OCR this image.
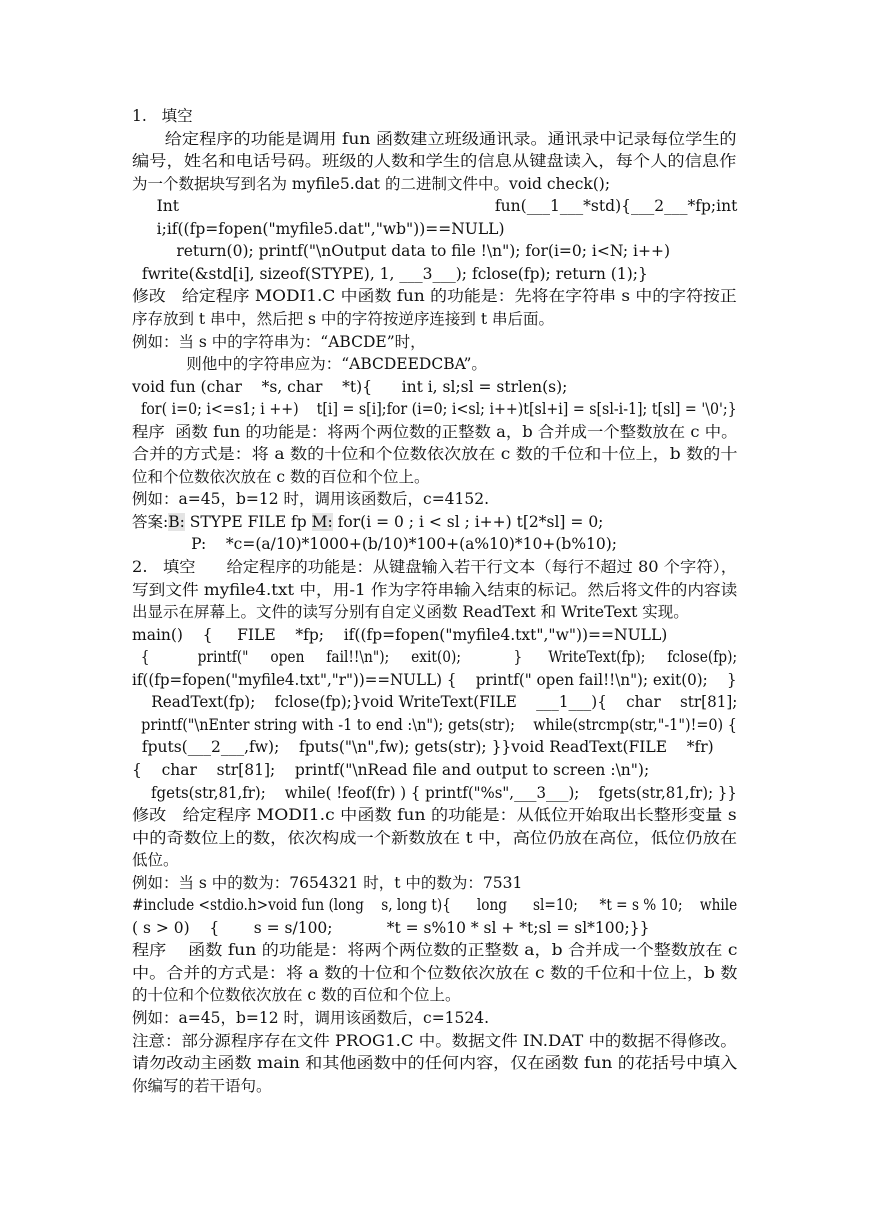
1.   填空

给定程序的功能是调用 fun 函数建立班级通讯录。通讯录中记录每位学生的

编号，姓名和电话号码。班级的人数和学生的信息从键盘读入，每个人的信息作

为一个数据块写到名为 myfile5.dat 的二进制文件中。void check();

Int                                                                fun(___1___*std){___2___*fp;int

i;if((fp=fopen("myfile5.dat","wb"))==NULL)

return(0); printf("\nOutput data to file !\n"); for(i=0; i<N; i++)

fwrite(&std[i], sizeof(STYPE), 1, ___3___); fclose(fp); return (1);}

修改   给定程序 MODI1.C 中函数 fun 的功能是：先将在字符串 s 中的字符按正

序存放到 t 串中，然后把 s 中的字符按逆序连接到 t 串后面。

例如：当 s 中的字符串为：“ABCDE”时，

则他中的字符串应为：“ABCDEEDCBA”。

void fun (char    *s, char    *t){      int i, sl;sl = strlen(s);

for( i=0; i<=s1; i ++)    t[i] = s[i];for (i=0; i<sl; i++)t[sl+i] = s[sl-i-1]; t[sl] = '\0';}

程序  函数 fun 的功能是：将两个两位数的正整数 a，b 合并成一个整数放在 c 中。

合并的方式是：将 a 数的十位和个位数依次放在 c 数的千位和十位上，b 数的十

位和个位数依次放在 c 数的百位和个位上。

例如：a=45，b=12 时，调用该函数后，c=4152.

答案:B: STYPE FILE fp M: for(i = 0 ; i < sl ; i++) t[2*sl] = 0;

P:    *c=(a/10)*1000+(b/10)*100+(a%10)*10+(b%10);

2.   填空      给定程序的功能是：从键盘输入若干行文本（每行不超过 80 个字符），

写到文件 myfile4.txt 中，用-1 作为字符串输入结束的标记。然后将文件的内容读

出显示在屏幕上。文件的读写分别有自定义函数 ReadText 和 WriteText 实现。

main()    {     FILE    *fp;    if((fp=fopen("myfile4.txt","w"))==NULL)

{           printf("     open     fail!!\n");     exit(0);            }      WriteText(fp);     fclose(fp);

if((fp=fopen("myfile4.txt","r"))==NULL) {    printf(" open fail!!\n"); exit(0);    }

ReadText(fp);    fclose(fp);}void WriteText(FILE    ___1___){    char    str[81];

printf("\nEnter string with -1 to end :\n"); gets(str);    while(strcmp(str,"-1")!=0) {

fputs(___2___,fw);    fputs("\n",fw); gets(str); }}void ReadText(FILE    *fr)

{    char    str[81];    printf("\nRead file and output to screen :\n");

fgets(str,81,fr);    while( !feof(fr) ) { printf("%s",___3___);    fgets(str,81,fr); }}

修改   给定程序 MODI1.c 中函数 fun 的功能是：从低位开始取出长整形变量 s

中的奇数位上的数，依次构成一个新数放在 t 中，高位仍放在高位，低位仍放在

低位。

例如：当 s 中的数为：7654321 时，t 中的数为：7531

#include <stdio.h>void fun (long    s, long t){      long      sl=10;     *t = s % 10;    while

( s > 0)    {       s = s/100;           *t = s%10 * sl + *t;sl = sl*100;}}

程序    函数 fun 的功能是：将两个两位数的正整数 a，b 合并成一个整数放在 c

中。合并的方式是：将 a 数的十位和个位数依次放在 c 数的千位和十位上，b 数

的十位和个位数依次放在 c 数的百位和个位上。

例如：a=45，b=12 时，调用该函数后，c=1524.

注意：部分源程序存在文件 PROG1.C 中。数据文件 IN.DAT 中的数据不得修改。

请勿改动主函数 main 和其他函数中的任何内容，仅在函数 fun 的花括号中填入

你编写的若干语句。
